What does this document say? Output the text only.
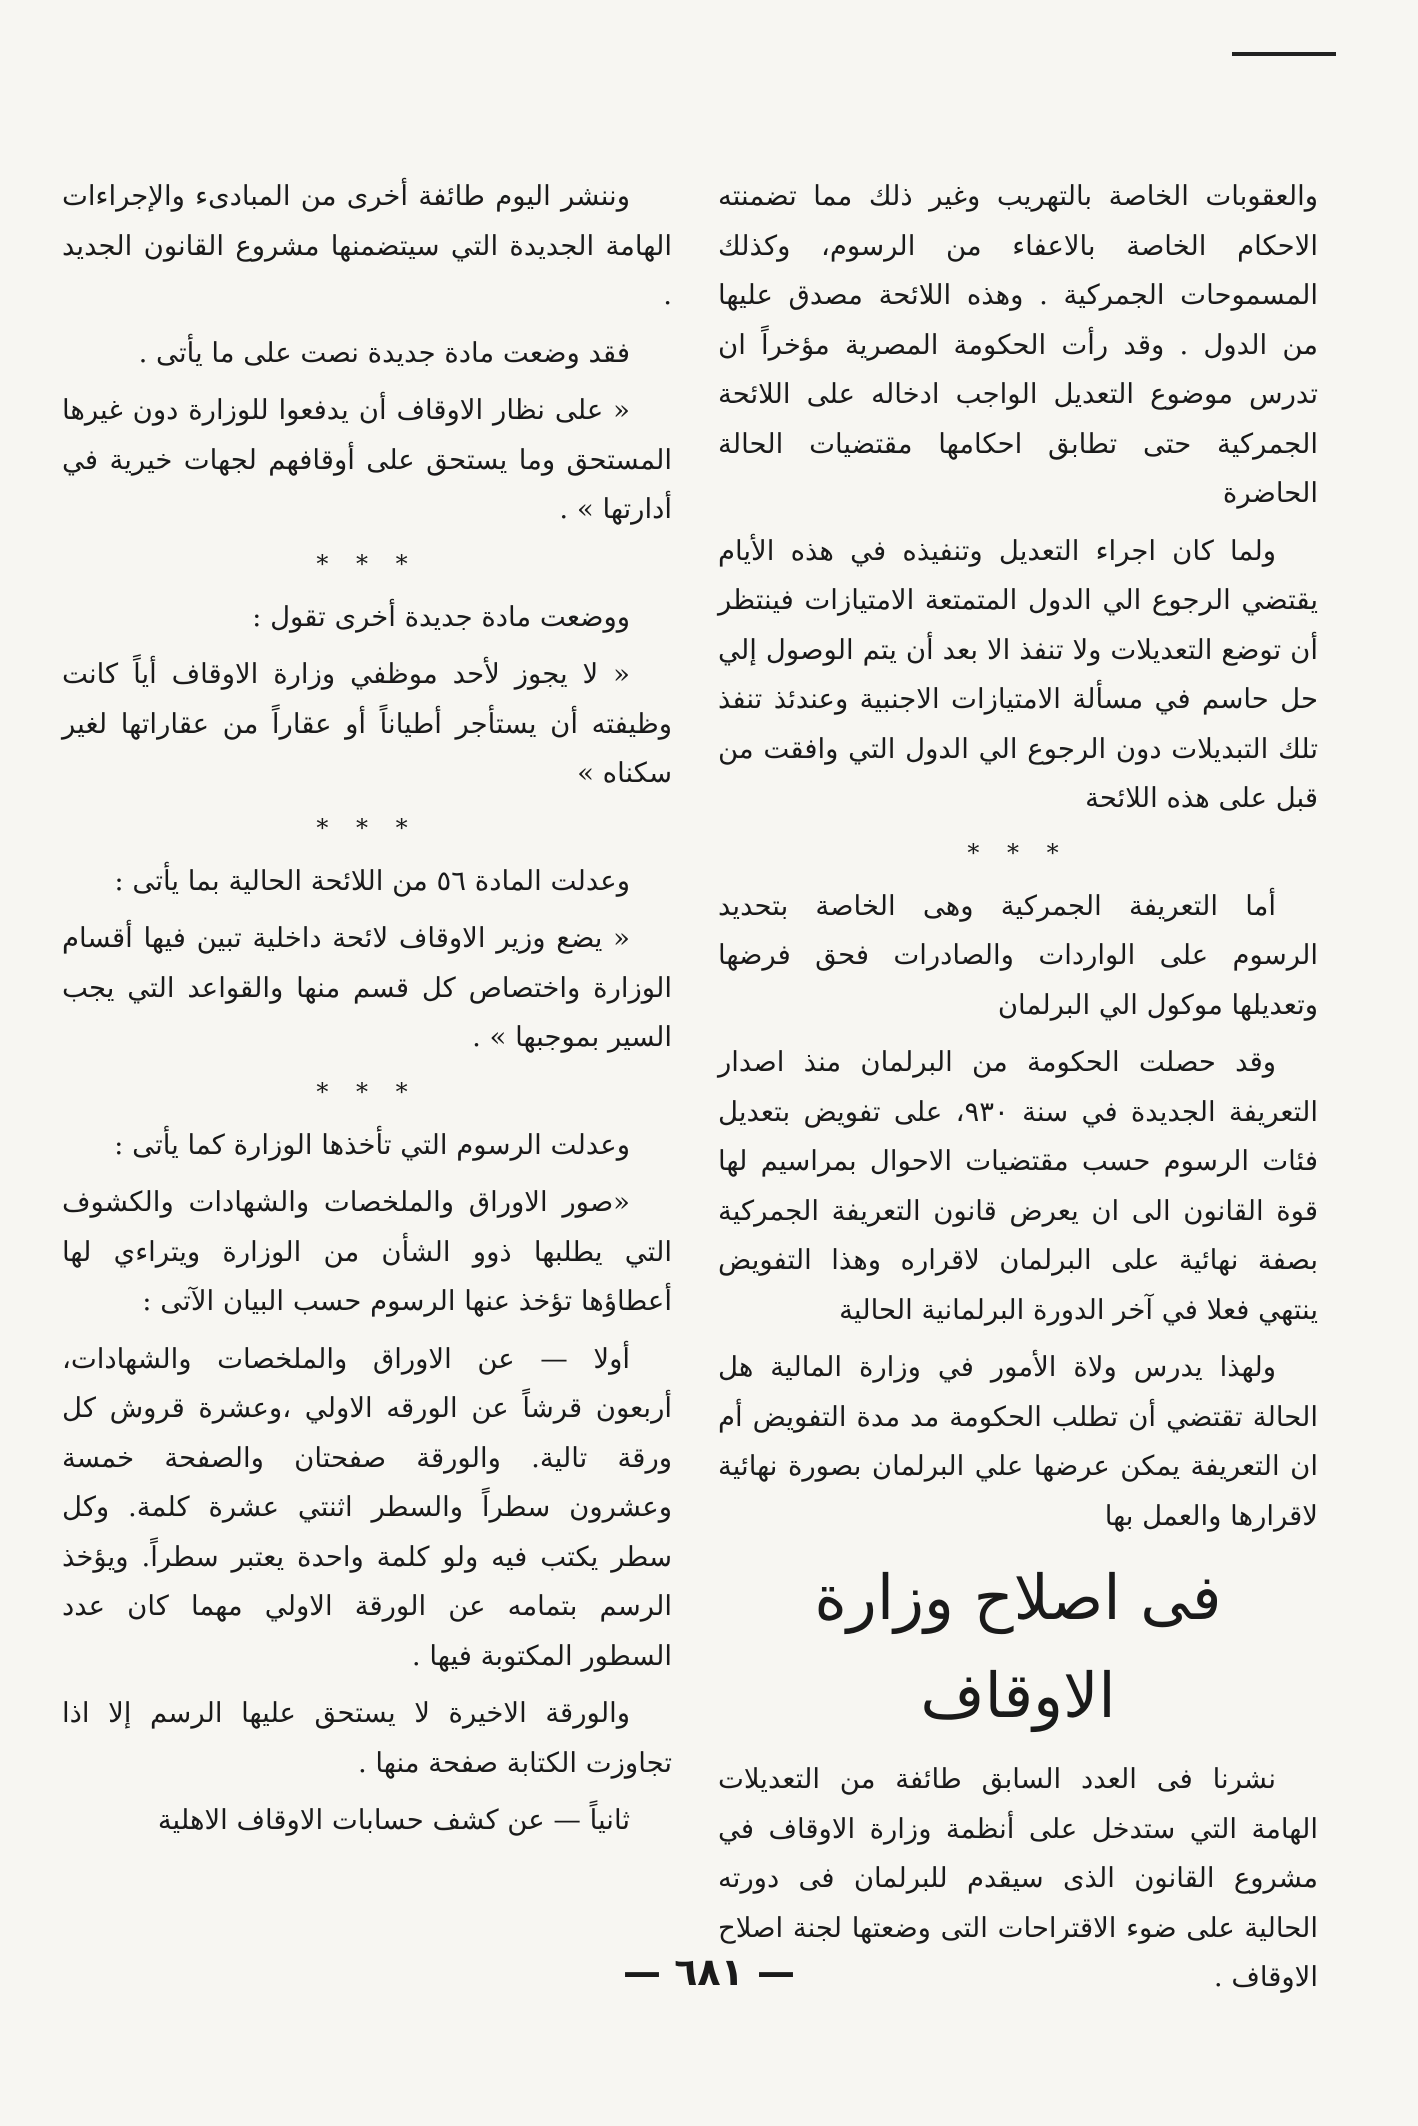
والعقوبات الخاصة بالتهريب وغير ذلك مما تضمنته الاحكام الخاصة بالاعفاء من الرسوم، وكذلك المسموحات الجمركية . وهذه اللائحة مصدق عليها من الدول . وقد رأت الحكومة المصرية مؤخراً ان تدرس موضوع التعديل الواجب ادخاله على اللائحة الجمركية حتى تطابق احكامها مقتضيات الحالة الحاضرة

ولما كان اجراء التعديل وتنفيذه في هذه الأيام يقتضي الرجوع الي الدول المتمتعة الامتيازات فينتظر أن توضع التعديلات ولا تنفذ الا بعد أن يتم الوصول إلي حل حاسم في مسألة الامتيازات الاجنبية وعندئذ تنفذ تلك التبديلات دون الرجوع الي الدول التي وافقت من قبل على هذه اللائحة

* * *

أما التعريفة الجمركية وهى الخاصة بتحديد الرسوم على الواردات والصادرات فحق فرضها وتعديلها موكول الي البرلمان

وقد حصلت الحكومة من البرلمان منذ اصدار التعريفة الجديدة في سنة ٩٣٠، على تفويض بتعديل فئات الرسوم حسب مقتضيات الاحوال بمراسيم لها قوة القانون الى ان يعرض قانون التعريفة الجمركية بصفة نهائية على البرلمان لاقراره وهذا التفويض ينتهي فعلا في آخر الدورة البرلمانية الحالية

ولهذا يدرس ولاة الأمور في وزارة المالية هل الحالة تقتضي أن تطلب الحكومة مد مدة التفويض أم ان التعريفة يمكن عرضها علي البرلمان بصورة نهائية لاقرارها والعمل بها

فى اصلاح وزارة الاوقاف

نشرنا فى العدد السابق طائفة من التعديلات الهامة التي ستدخل على أنظمة وزارة الاوقاف في مشروع القانون الذى سيقدم للبرلمان فى دورته الحالية على ضوء الاقتراحات التى وضعتها لجنة اصلاح الاوقاف .

وننشر اليوم طائفة أخرى من المبادىء والإجراءات الهامة الجديدة التي سيتضمنها مشروع القانون الجديد .

فقد وضعت مادة جديدة نصت على ما يأتى .

« على نظار الاوقاف أن يدفعوا للوزارة دون غيرها المستحق وما يستحق على أوقافهم لجهات خيرية في أدارتها » .

* * *

ووضعت مادة جديدة أخرى تقول :

« لا يجوز لأحد موظفي وزارة الاوقاف أياً كانت وظيفته أن يستأجر أطياناً أو عقاراً من عقاراتها لغير سكناه »

* * *

وعدلت المادة ٥٦ من اللائحة الحالية بما يأتى :

« يضع وزير الاوقاف لائحة داخلية تبين فيها أقسام الوزارة واختصاص كل قسم منها والقواعد التي يجب السير بموجبها » .

* * *

وعدلت الرسوم التي تأخذها الوزارة كما يأتى :

«صور الاوراق والملخصات والشهادات والكشوف التي يطلبها ذوو الشأن من الوزارة ويتراءي لها أعطاؤها تؤخذ عنها الرسوم حسب البيان الآتى :

أولا — عن الاوراق والملخصات والشهادات، أربعون قرشاً عن الورقه الاولي ،وعشرة قروش كل ورقة تالية. والورقة صفحتان والصفحة خمسة وعشرون سطراً والسطر اثنتي عشرة كلمة. وكل سطر يكتب فيه ولو كلمة واحدة يعتبر سطراً. ويؤخذ الرسم بتمامه عن الورقة الاولي مهما كان عدد السطور المكتوبة فيها .

والورقة الاخيرة لا يستحق عليها الرسم إلا اذا تجاوزت الكتابة صفحة منها .

ثانياً — عن كشف حسابات الاوقاف الاهلية

— ٦٨١ —
